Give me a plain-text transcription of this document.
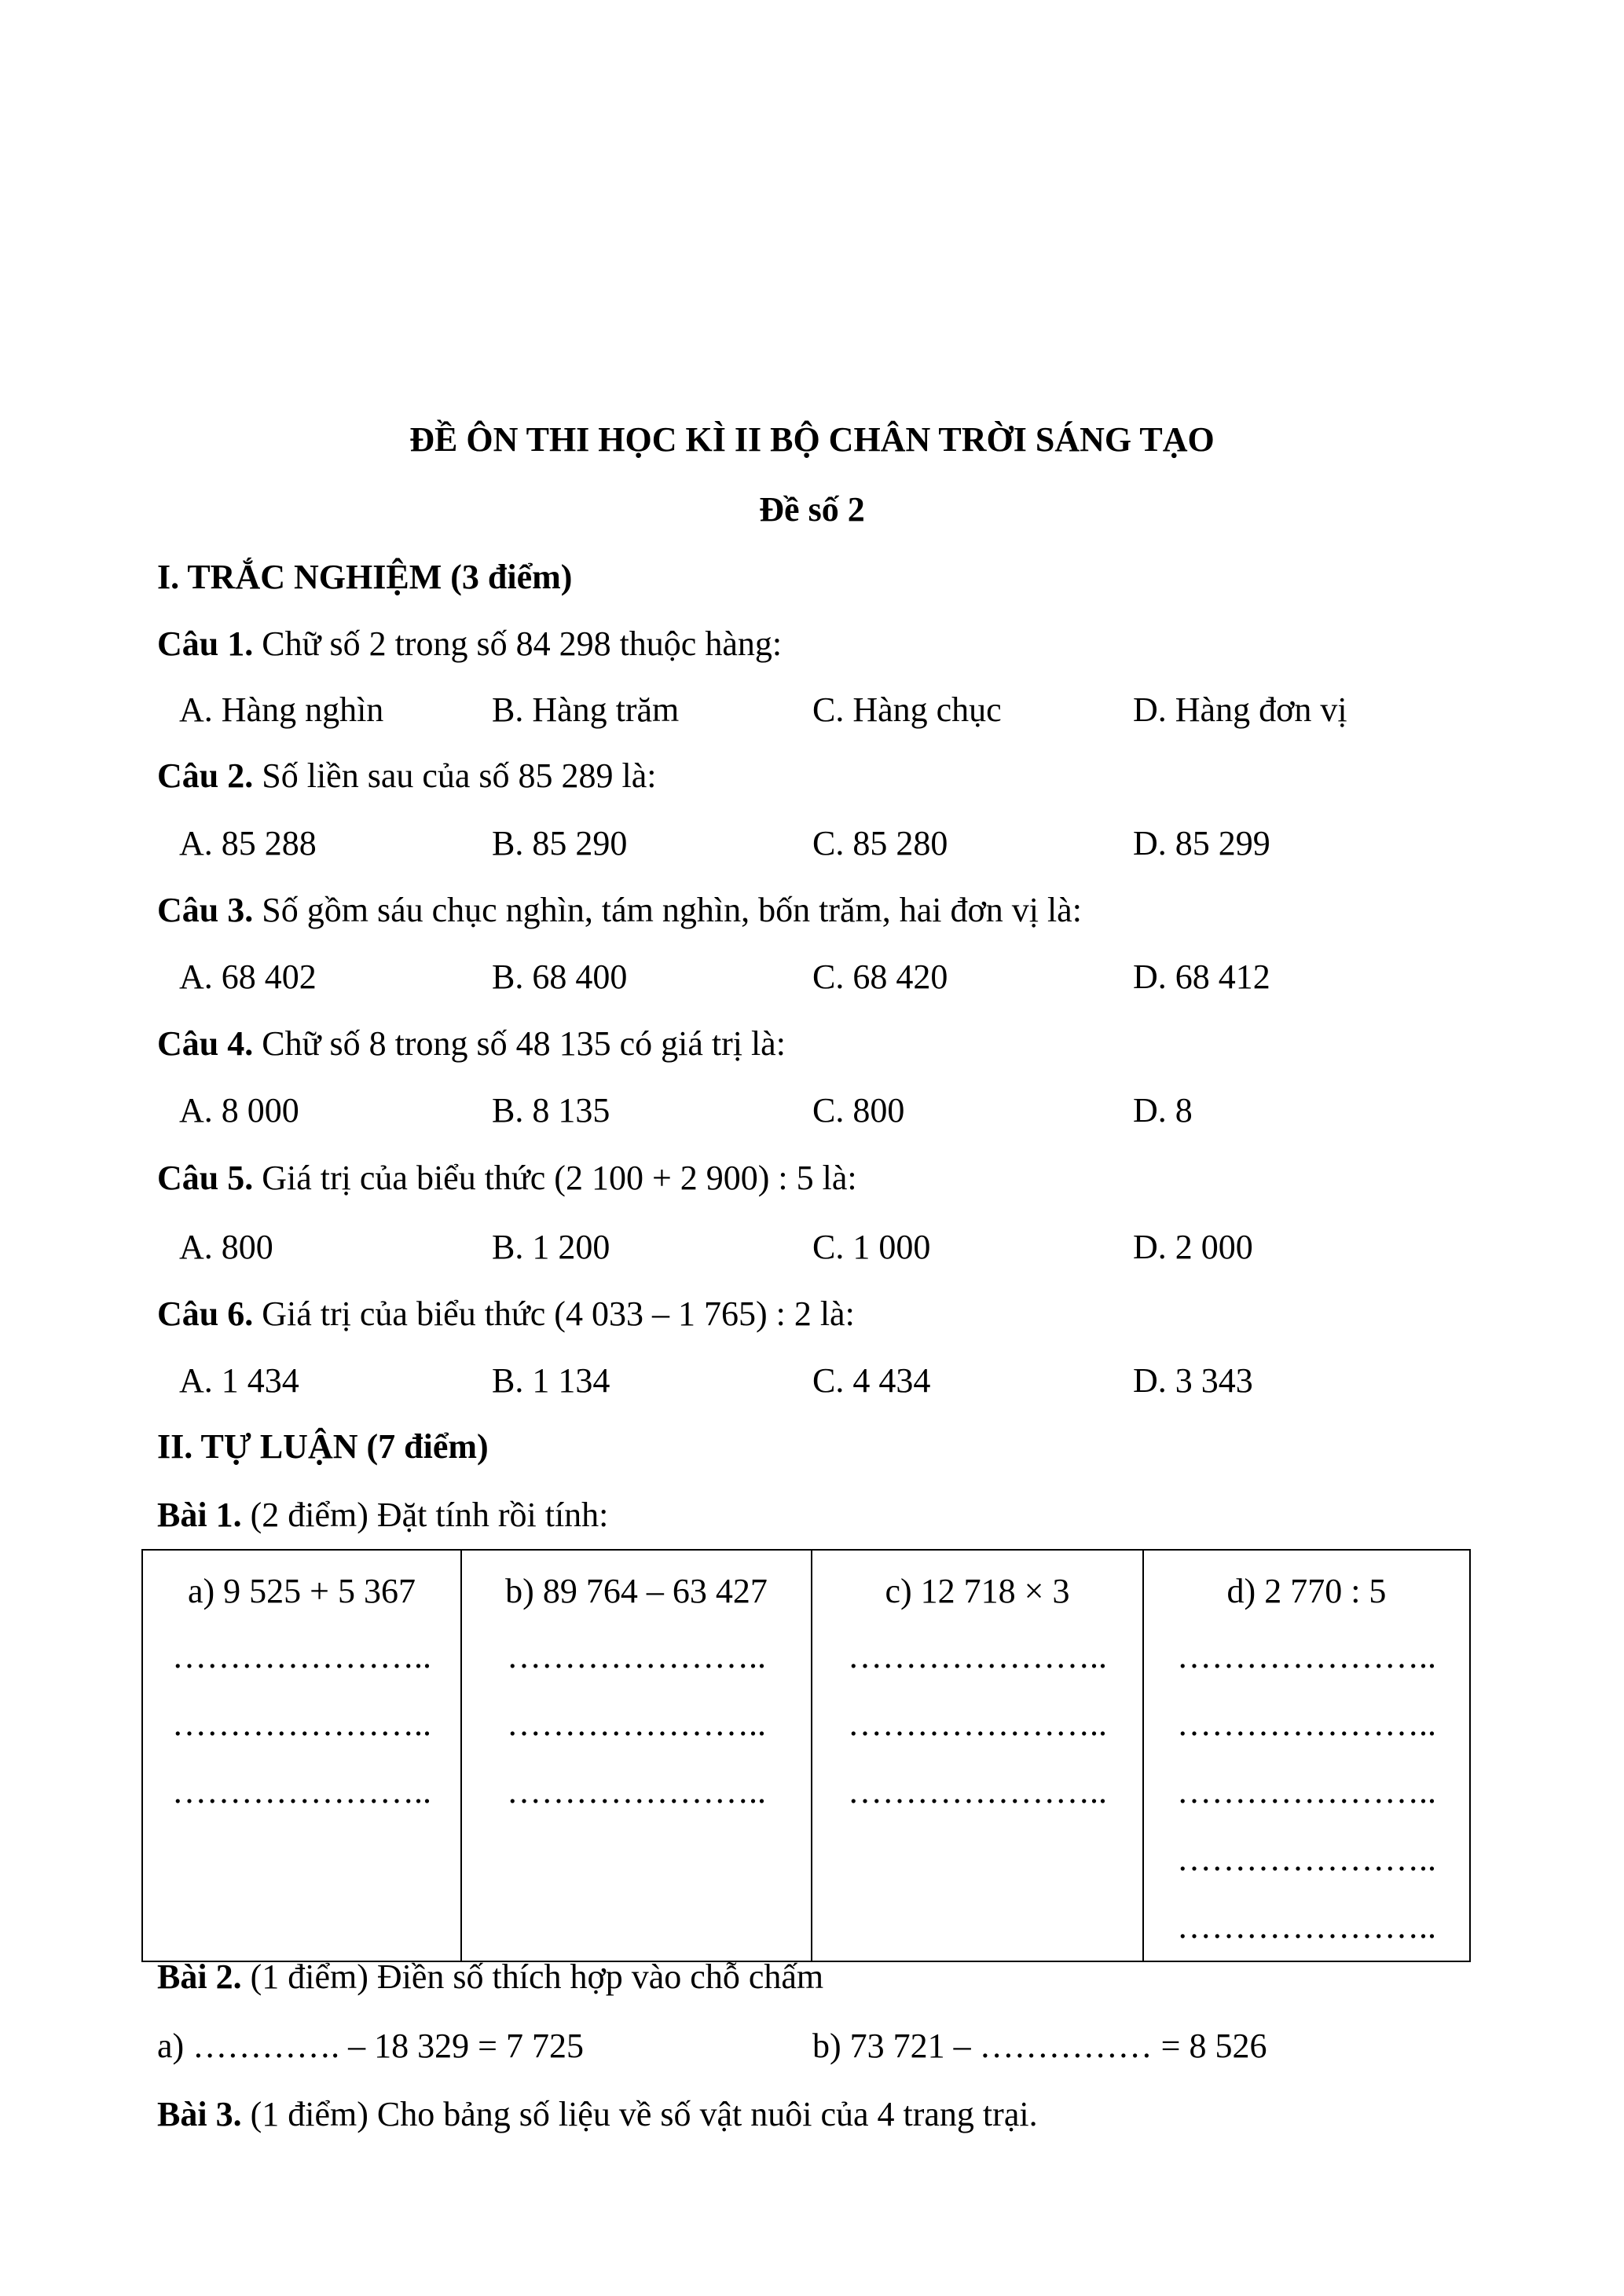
ĐỀ ÔN THI HỌC KÌ II BỘ CHÂN TRỜI SÁNG TẠO
Đề số 2
I. TRẮC NGHIỆM (3 điểm)
Câu 1. Chữ số 2 trong số 84 298 thuộc hàng:
A. Hàng nghìn	B. Hàng trăm	C. Hàng chục	D. Hàng đơn vị
Câu 2. Số liền sau của số 85 289 là:
A. 85 288	B. 85 290	C. 85 280	D. 85 299
Câu 3. Số gồm sáu chục nghìn, tám nghìn, bốn trăm, hai đơn vị là:
A. 68 402	B. 68 400	C. 68 420	D. 68 412
Câu 4. Chữ số 8 trong số 48 135 có giá trị là:
A. 8 000	B. 8 135	C. 800	D. 8
Câu 5. Giá trị của biểu thức (2 100 + 2 900) : 5 là:
A. 800	B. 1 200	C. 1 000	D. 2 000
Câu 6. Giá trị của biểu thức (4 033 – 1 765) : 2 là:
A. 1 434	B. 1 134	C. 4 434	D. 3 343
II. TỰ LUẬN (7 điểm)
Bài 1. (2 điểm) Đặt tính rồi tính:
a) 9 525 + 5 367
…………………..
…………………..
…………………..

b) 89 764 – 63 427
…………………..
…………………..
…………………..

c) 12 718 × 3
…………………..
…………………..
…………………..

d) 2 770 : 5
…………………..
…………………..
…………………..
…………………..
…………………..
Bài 2. (1 điểm) Điền số thích hợp vào chỗ chấm
a) …………. – 18 329 = 7 725	b) 73 721 – …………… = 8 526
Bài 3. (1 điểm) Cho bảng số liệu về số vật nuôi của 4 trang trại.
